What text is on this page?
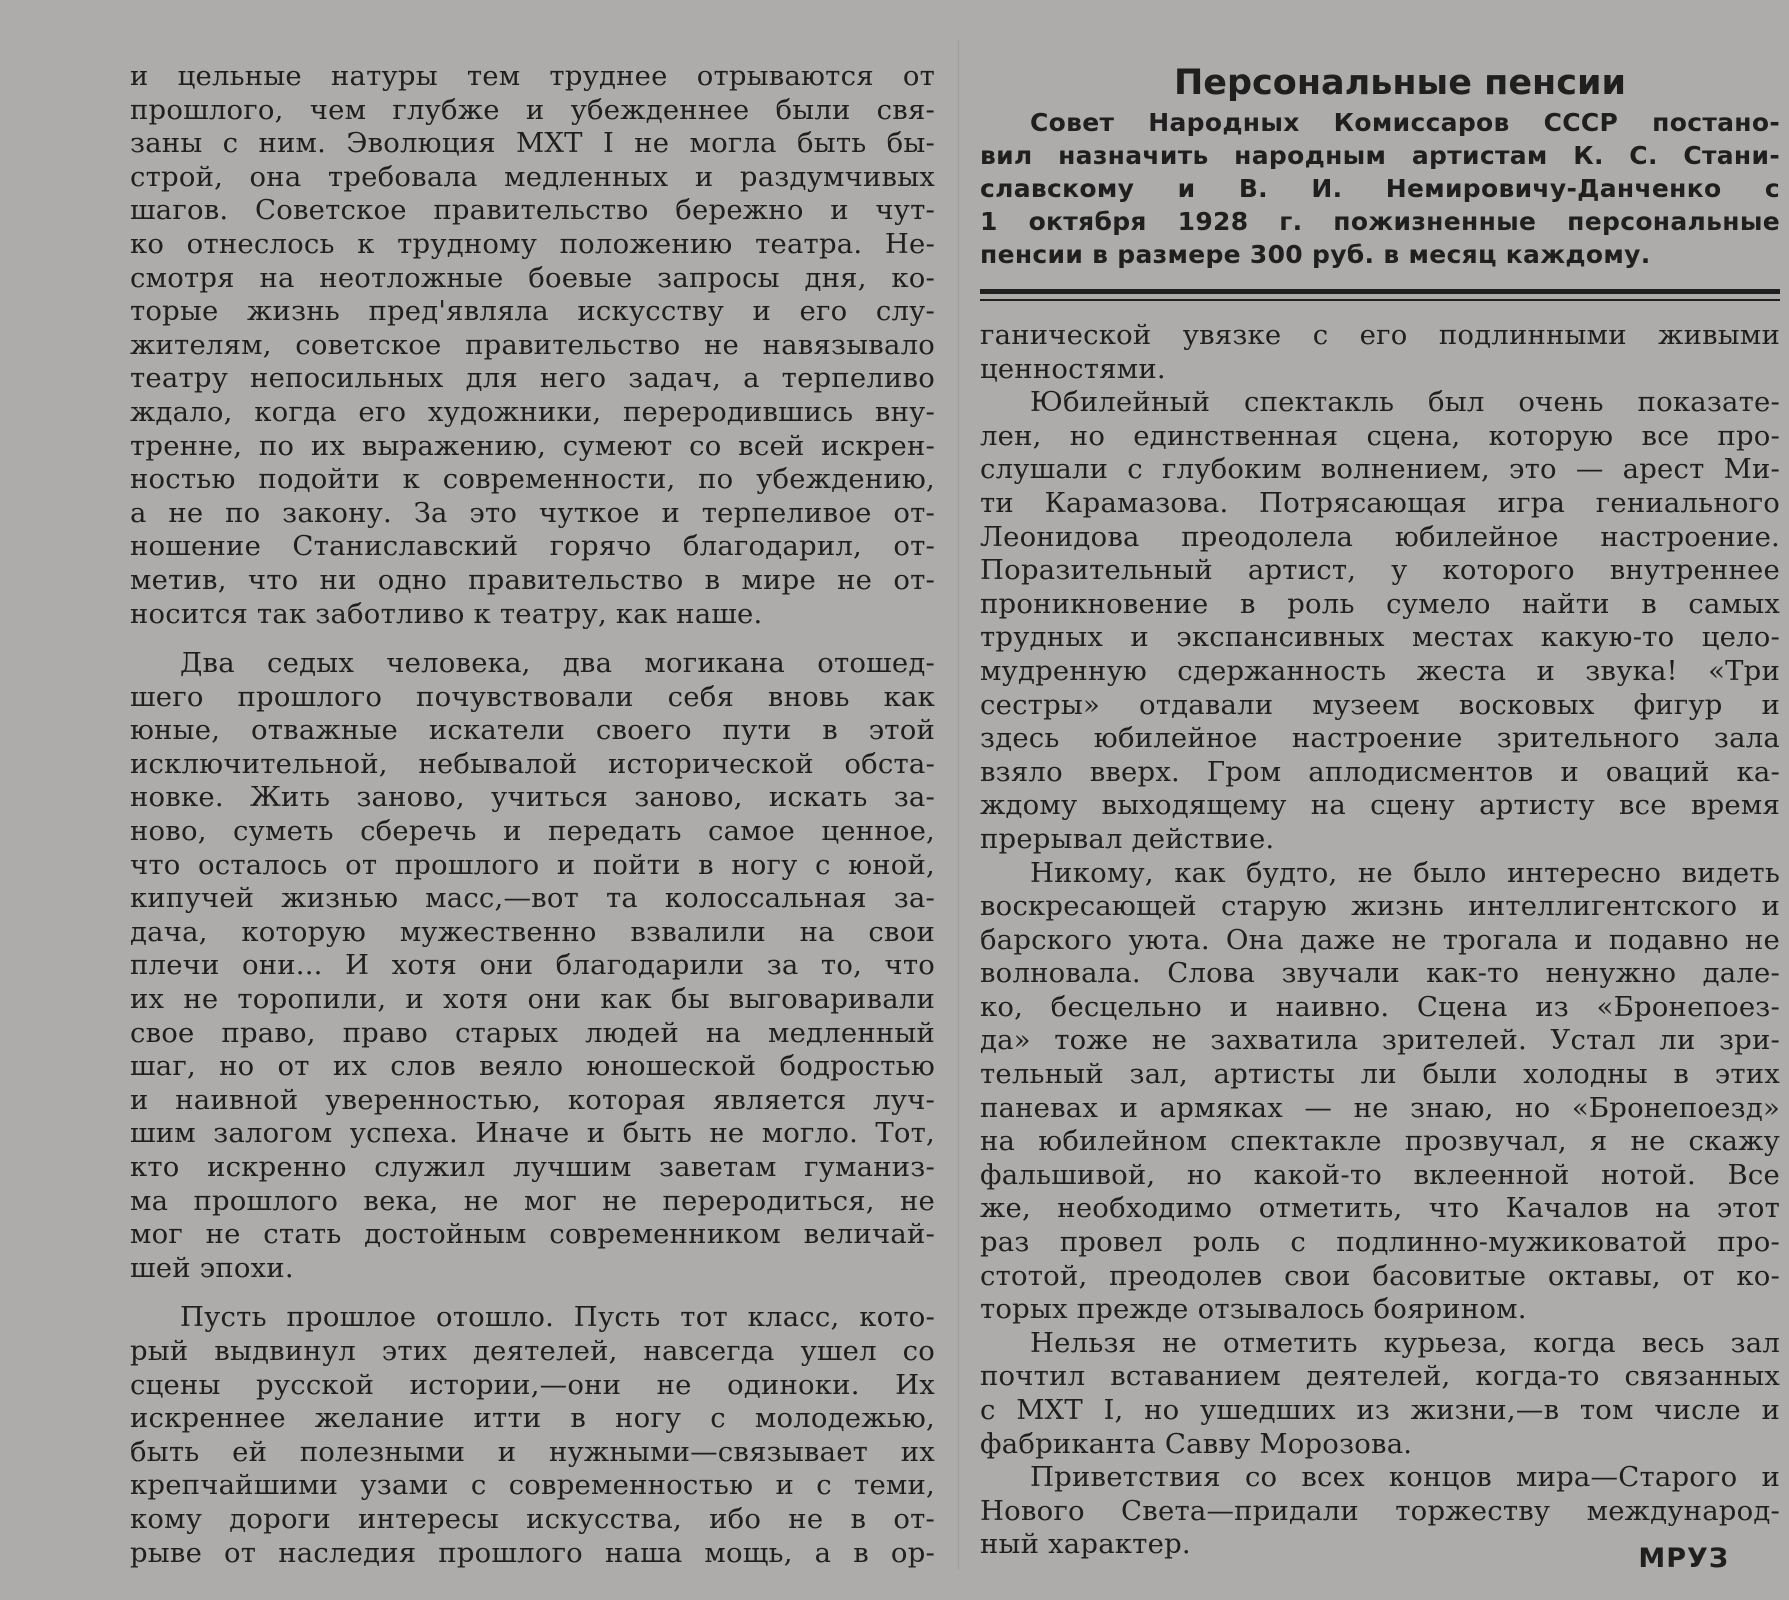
и цельные натуры тем труднее отрываются от
прошлого, чем глубже и убежденнее были свя-
заны с ним. Эволюция МХТ I не могла быть бы-
строй, она требовала медленных и раздумчивых
шагов. Советское правительство бережно и чут-
ко отнеслось к трудному положению театра. Не-
смотря на неотложные боевые запросы дня, ко-
торые жизнь пред'являла искусству и его слу-
жителям, советское правительство не навязывало
театру непосильных для него задач, а терпеливо
ждало, когда его художники, переродившись вну-
тренне, по их выражению, сумеют со всей искрен-
ностью подойти к современности, по убеждению,
а не по закону. За это чуткое и терпеливое от-
ношение Станиславский горячо благодарил, от-
метив, что ни одно правительство в мире не от-
носится так заботливо к театру, как наше.
Два седых человека, два могикана отошед-
шего прошлого почувствовали себя вновь как
юные, отважные искатели своего пути в этой
исключительной, небывалой исторической обста-
новке. Жить заново, учиться заново, искать за-
ново, суметь сберечь и передать самое ценное,
что осталось от прошлого и пойти в ногу с юной,
кипучей жизнью масс,—вот та колоссальная за-
дача, которую мужественно взвалили на свои
плечи они... И хотя они благодарили за то, что
их не торопили, и хотя они как бы выговаривали
свое право, право старых людей на медленный
шаг, но от их слов веяло юношеской бодростью
и наивной уверенностью, которая является луч-
шим залогом успеха. Иначе и быть не могло. Тот,
кто искренно служил лучшим заветам гуманиз-
ма прошлого века, не мог не переродиться, не
мог не стать достойным современником величай-
шей эпохи.
Пусть прошлое отошло. Пусть тот класс, кото-
рый выдвинул этих деятелей, навсегда ушел со
сцены русской истории,—они не одиноки. Их
искреннее желание итти в ногу с молодежью,
быть ей полезными и нужными—связывает их
крепчайшими узами с современностью и с теми,
кому дороги интересы искусства, ибо не в от-
рыве от наследия прошлого наша мощь, а в ор-
Персональные пенсии
Совет Народных Комиссаров СССР постано-
вил назначить народным артистам К. С. Стани-
славскому и В. И. Немировичу-Данченко с
1 октября 1928 г. пожизненные персональные
пенсии в размере 300 руб. в месяц каждому.
ганической увязке с его подлинными живыми
ценностями.
Юбилейный спектакль был очень показате-
лен, но единственная сцена, которую все про-
слушали с глубоким волнением, это — арест Ми-
ти Карамазова. Потрясающая игра гениального
Леонидова преодолела юбилейное настроение.
Поразительный артист, у которого внутреннее
проникновение в роль сумело найти в самых
трудных и экспансивных местах какую-то цело-
мудренную сдержанность жеста и звука! «Три
сестры» отдавали музеем восковых фигур и
здесь юбилейное настроение зрительного зала
взяло вверх. Гром аплодисментов и оваций ка-
ждому выходящему на сцену артисту все время
прерывал действие.
Никому, как будто, не было интересно видеть
воскресающей старую жизнь интеллигентского и
барского уюта. Она даже не трогала и подавно не
волновала. Слова звучали как-то ненужно дале-
ко, бесцельно и наивно. Сцена из «Бронепоез-
да» тоже не захватила зрителей. Устал ли зри-
тельный зал, артисты ли были холодны в этих
паневах и армяках — не знаю, но «Бронепоезд»
на юбилейном спектакле прозвучал, я не скажу
фальшивой, но какой-то вклеенной нотой. Все
же, необходимо отметить, что Качалов на этот
раз провел роль с подлинно-мужиковатой про-
стотой, преодолев свои басовитые октавы, от ко-
торых прежде отзывалось боярином.
Нельзя не отметить курьеза, когда весь зал
почтил вставанием деятелей, когда-то связанных
с МХТ I, но ушедших из жизни,—в том числе и
фабриканта Савву Морозова.
Приветствия со всех концов мира—Старого и
Нового Света—придали торжеству международ-
ный характер.	МРУЗ
